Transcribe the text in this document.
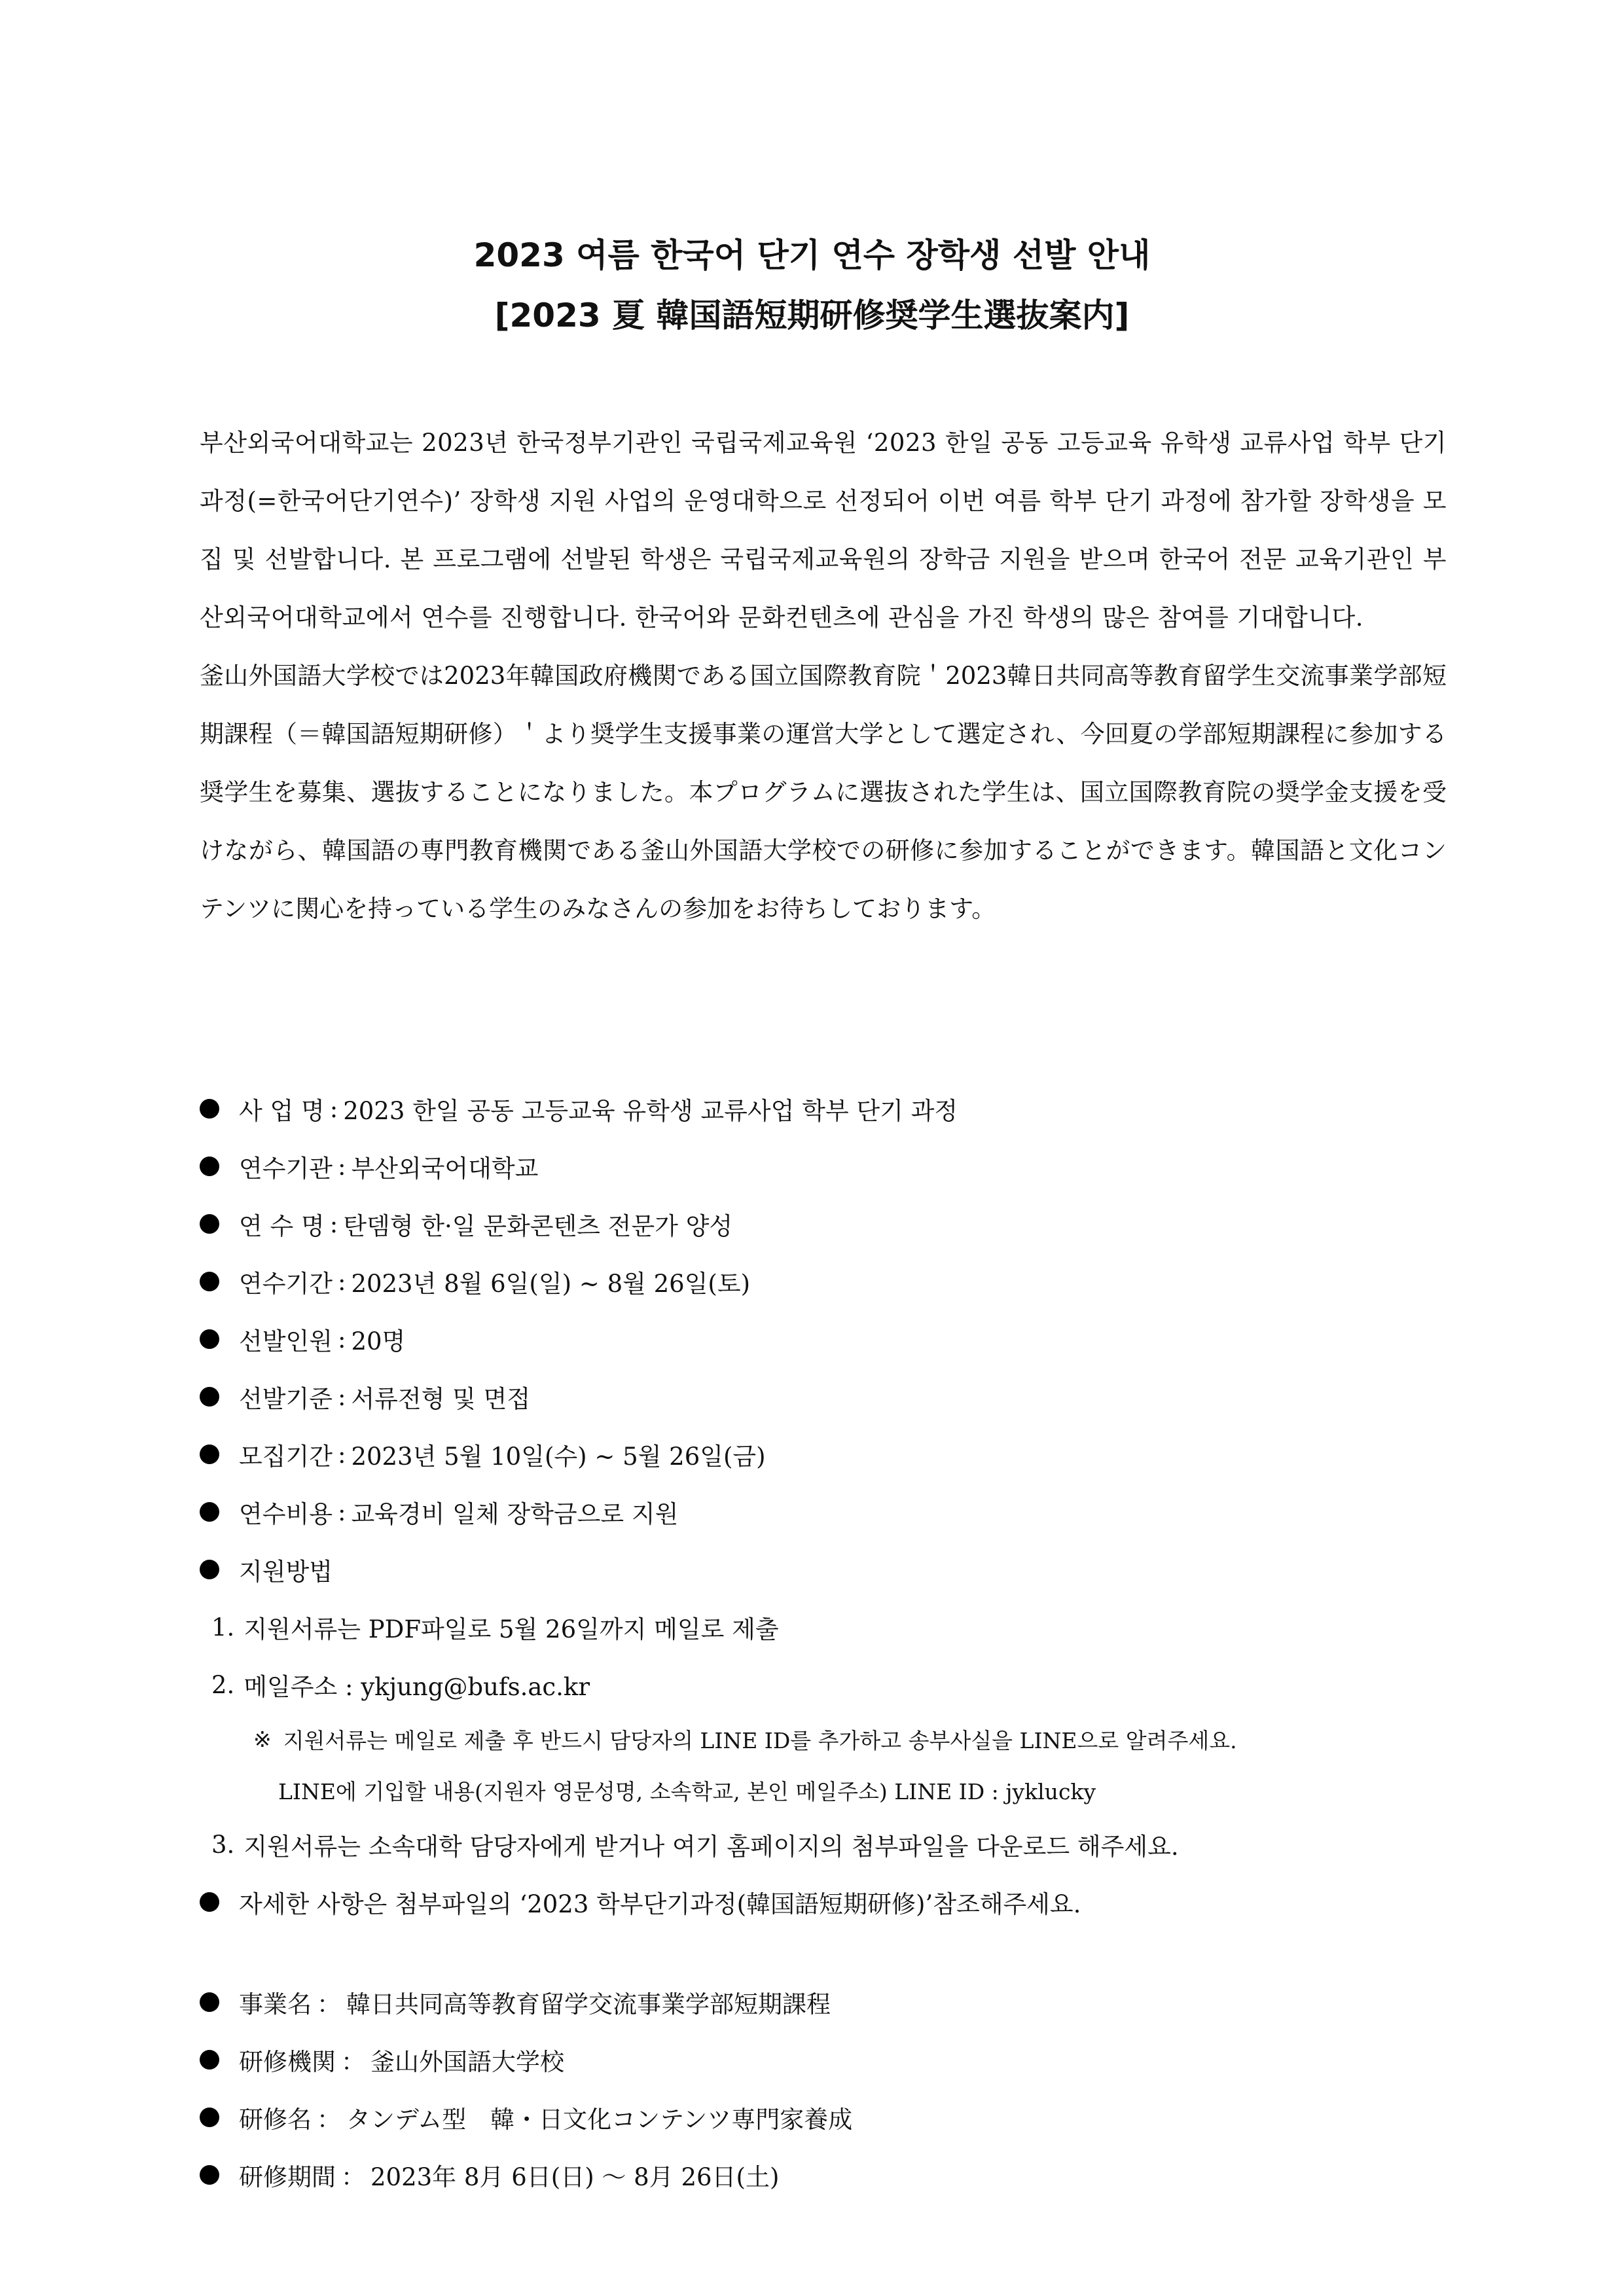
2023 여름 한국어 단기 연수 장학생 선발 안내

[2023 夏 韓国語短期研修奨学生選抜案内]

부산외국어대학교는 2023년 한국정부기관인 국립국제교육원 ‘2023 한일 공동 고등교육 유학생 교류사업 학부 단기 과정(=한국어단기연수)’ 장학생 지원 사업의 운영대학으로 선정되어 이번 여름 학부 단기 과정에 참가할 장학생을 모집 및 선발합니다. 본 프로그램에 선발된 학생은 국립국제교육원의 장학금 지원을 받으며 한국어 전문 교육기관인 부산외국어대학교에서 연수를 진행합니다. 한국어와 문화컨텐츠에 관심을 가진 학생의 많은 참여를 기대합니다.

釜山外国語大学校では2023年韓国政府機関である国立国際教育院＇2023韓日共同高等教育留学生交流事業学部短期課程（＝韓国語短期研修）＇より奨学生支援事業の運営大学として選定され、今回夏の学部短期課程に参加する奨学生を募集、選抜することになりました。本プログラムに選抜された学生は、国立国際教育院の奨学金支援を受けながら、韓国語の専門教育機関である釜山外国語大学校での研修に参加することができます。韓国語と文化コンテンツに関心を持っている学生のみなさんの参加をお待ちしております。

사 업 명 : 2023 한일 공동 고등교육 유학생 교류사업 학부 단기 과정
연수기관 : 부산외국어대학교
연 수 명 : 탄뎀형 한·일 문화콘텐츠 전문가 양성
연수기간 : 2023년 8월 6일(일) ~ 8월 26일(토)
선발인원 : 20명
선발기준 : 서류전형 및 면접
모집기간 : 2023년 5월 10일(수) ~ 5월 26일(금)
연수비용 : 교육경비 일체 장학금으로 지원
지원방법
1. 지원서류는 PDF파일로 5월 26일까지 메일로 제출
2. 메일주소 : ykjung@bufs.ac.kr
※ 지원서류는 메일로 제출 후 반드시 담당자의 LINE ID를 추가하고 송부사실을 LINE으로 알려주세요.
LINE에 기입할 내용(지원자 영문성명, 소속학교, 본인 메일주소) LINE ID : jyklucky
3. 지원서류는 소속대학 담당자에게 받거나 여기 홈페이지의 첨부파일을 다운로드 해주세요.
자세한 사항은 첨부파일의 ‘2023 학부단기과정(韓国語短期研修)’참조해주세요.
事業名 ： 韓日共同高等教育留学交流事業学部短期課程
研修機関 ： 釜山外国語大学校
研修名 ： タンデム型　韓・日文化コンテンツ専門家養成
研修期間 ： 2023年 8月 6日(日) ～ 8月 26日(土)
